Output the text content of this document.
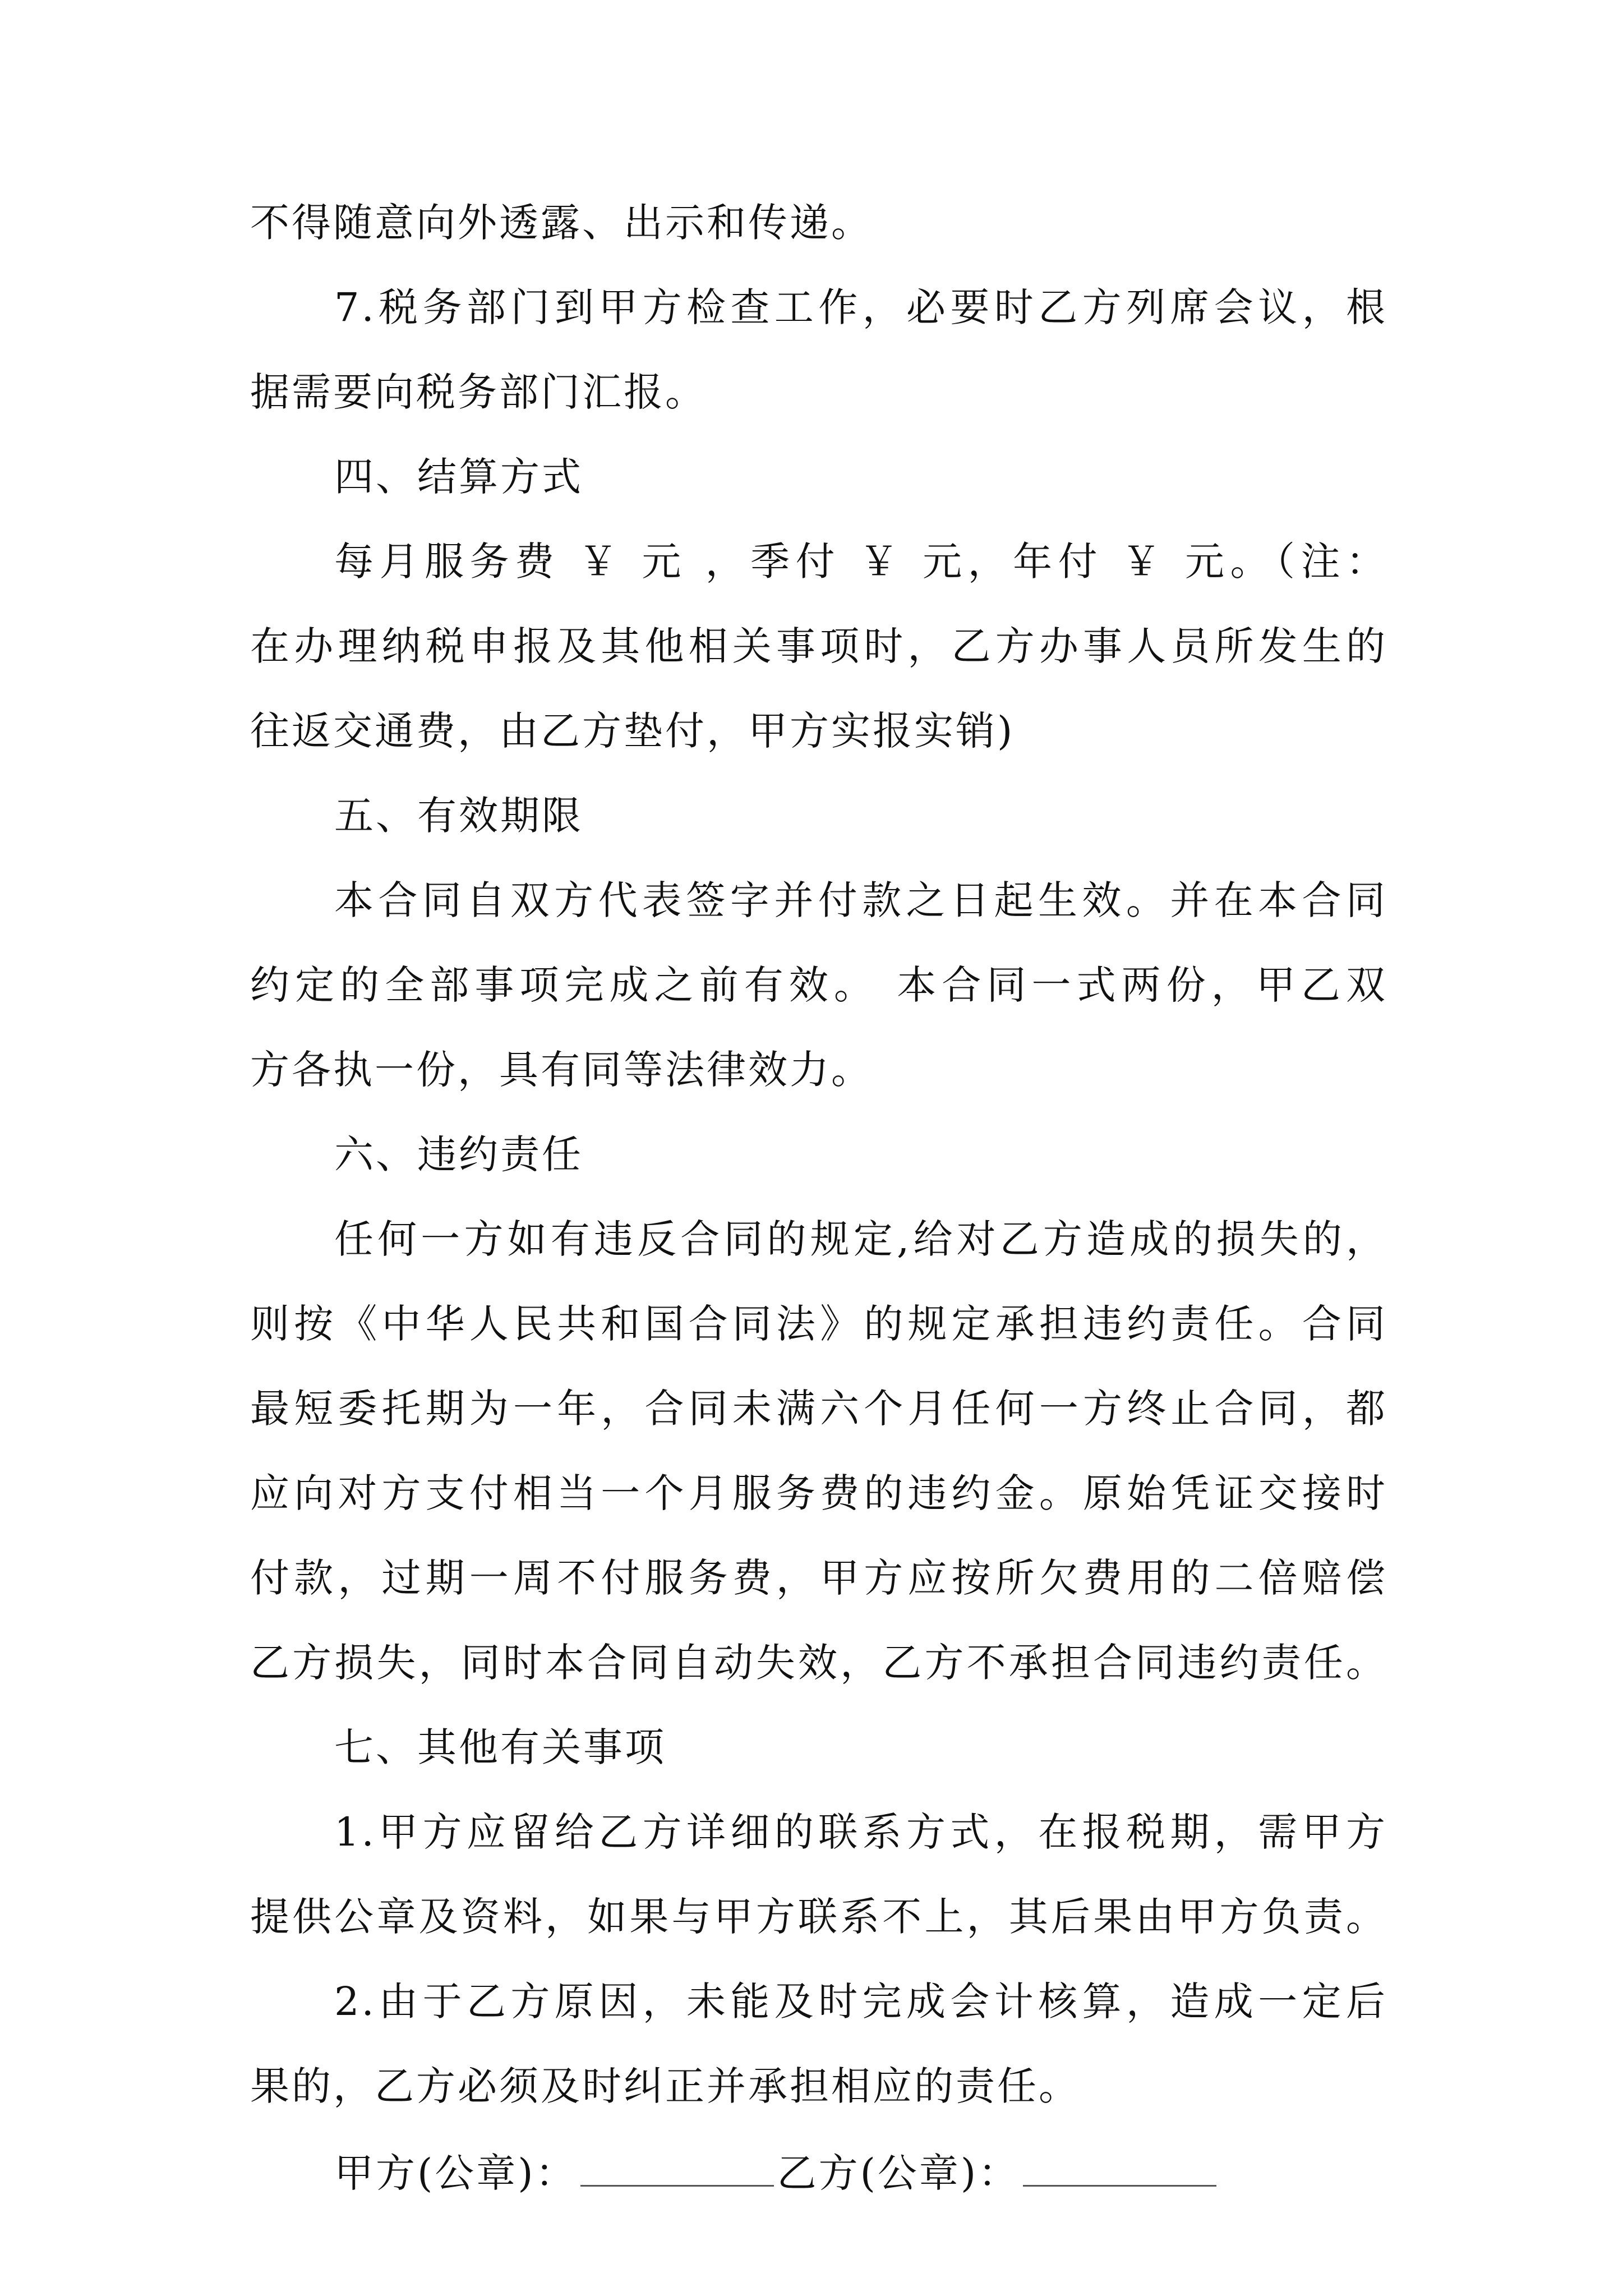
不得随意向外透露、出示和传递。
7.税务部门到甲方检查工作，必要时乙方列席会议，根
据需要向税务部门汇报。
四、结算方式
每月服务费 ￥ 元 ，季付 ￥ 元，年付 ￥ 元。（注：
在办理纳税申报及其他相关事项时，乙方办事人员所发生的
往返交通费，由乙方垫付，甲方实报实销)
五、有效期限
本合同自双方代表签字并付款之日起生效。并在本合同
约定的全部事项完成之前有效。 本合同一式两份，甲乙双
方各执一份，具有同等法律效力。
六、违约责任
任何一方如有违反合同的规定,给对乙方造成的损失的，
则按《中华人民共和国合同法》的规定承担违约责任。合同
最短委托期为一年，合同未满六个月任何一方终止合同，都
应向对方支付相当一个月服务费的违约金。原始凭证交接时
付款，过期一周不付服务费，甲方应按所欠费用的二倍赔偿
乙方损失，同时本合同自动失效，乙方不承担合同违约责任。
七、其他有关事项
1.甲方应留给乙方详细的联系方式，在报税期，需甲方
提供公章及资料，如果与甲方联系不上，其后果由甲方负责。
2.由于乙方原因，未能及时完成会计核算，造成一定后
果的，乙方必须及时纠正并承担相应的责任。
甲方(公章)：	乙方(公章)：
